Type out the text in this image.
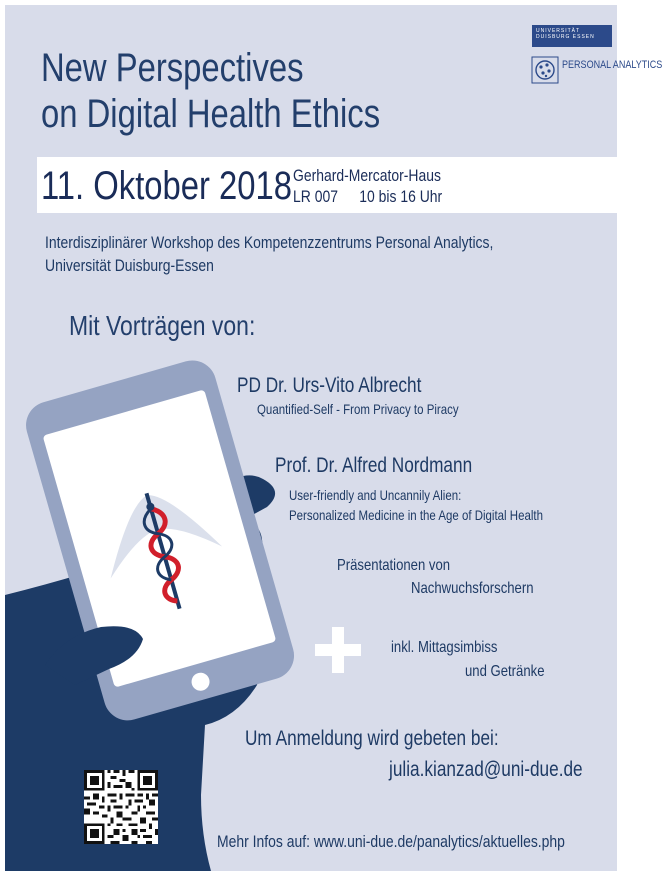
UNIVERSITÄT DUISBURG ESSEN
PERSONAL ANALYTICS
New Perspectives
on Digital Health Ethics
11. Oktober 2018 Gerhard-Mercator-Haus
LR 007 10 bis 16 Uhr
Interdisziplinärer Workshop des Kompetenzzentrums Personal Analytics,
Universität Duisburg-Essen
Mit Vorträgen von:
PD Dr. Urs-Vito Albrecht
Quantified-Self - From Privacy to Piracy
Prof. Dr. Alfred Nordmann
User-friendly and Uncannily Alien:
Personalized Medicine in the Age of Digital Health
Präsentationen von
Nachwuchsforschern
inkl. Mittagsimbiss
und Getränke
Um Anmeldung wird gebeten bei:
julia.kianzad@uni-due.de
Mehr Infos auf: www.uni-due.de/panalytics/aktuelles.php
